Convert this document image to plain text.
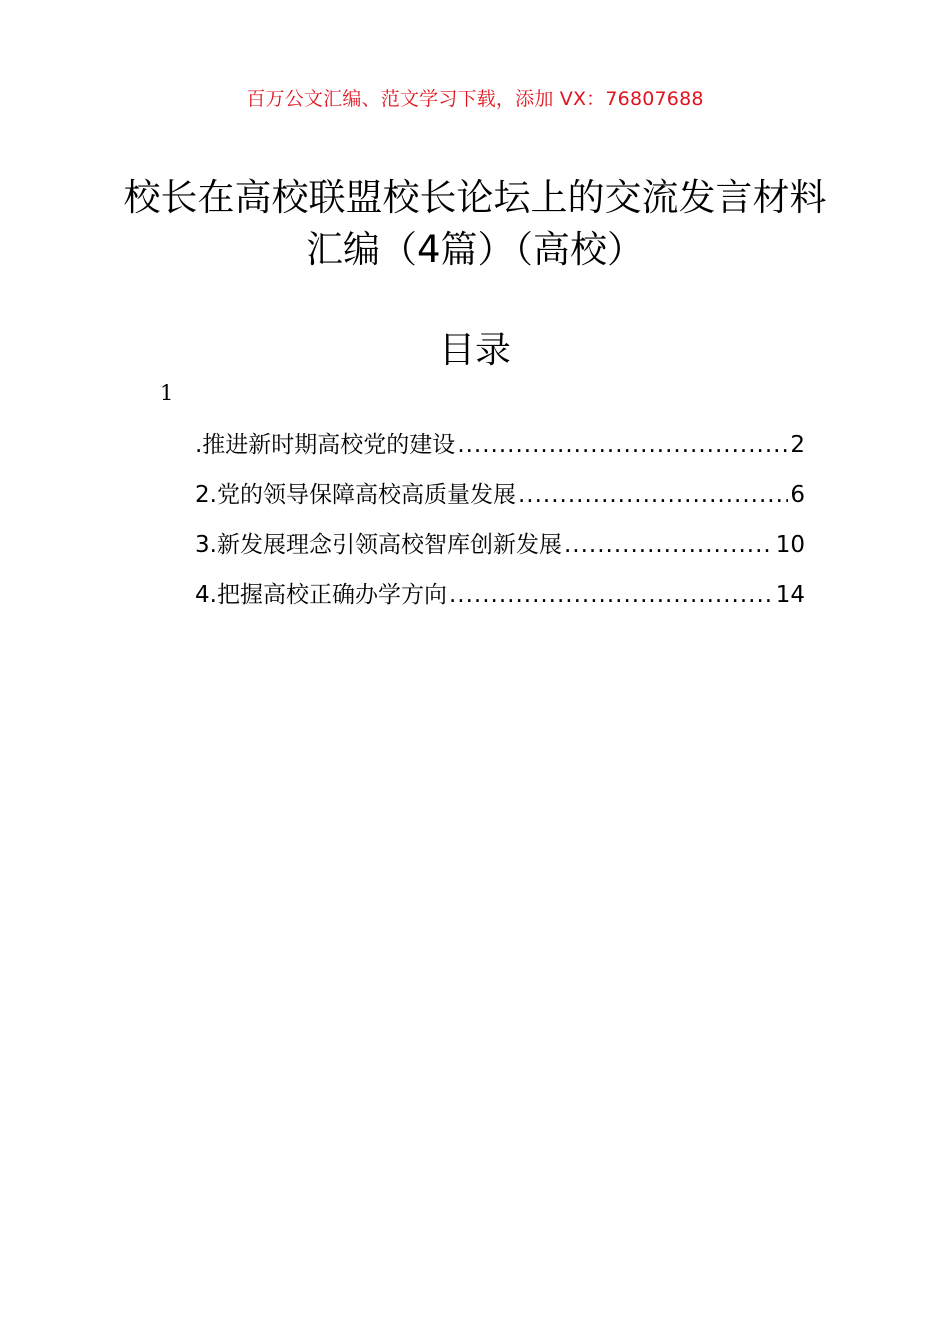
百万公文汇编、范文学习下载，添加 VX：76807688
校长在高校联盟校长论坛上的交流发言材料汇编（4篇）（高校）
目录
1
.推进新时期高校党的建设 .....	2
2.党的领导保障高校高质量发展 .....	6
3.新发展理念引领高校智库创新发展 .....	10
4.把握高校正确办学方向 .....	14
